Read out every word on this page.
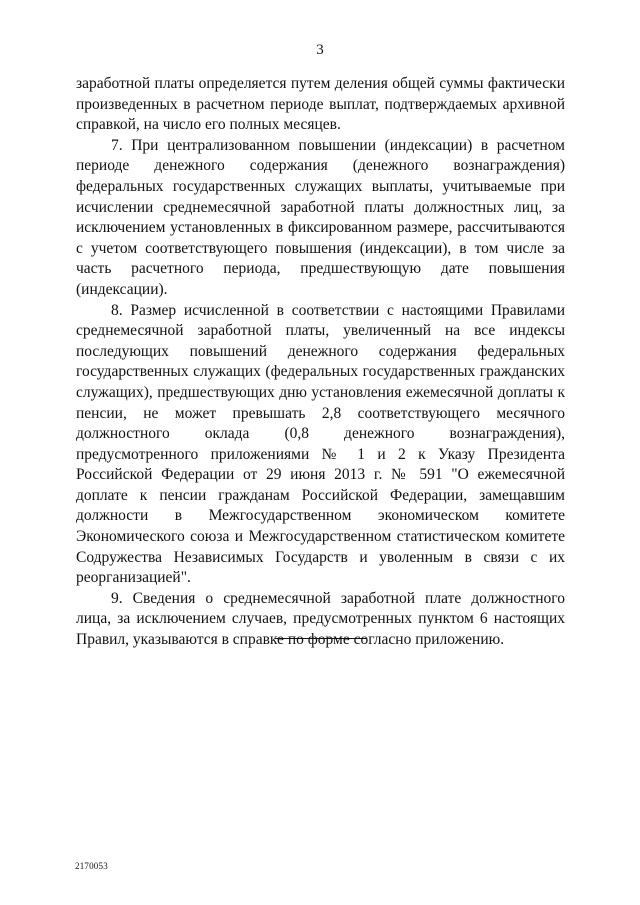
3

заработной платы определяется путем деления общей суммы фактически произведенных в расчетном периоде выплат, подтверждаемых архивной справкой, на число его полных месяцев.

7. При централизованном повышении (индексации) в расчетном периоде денежного содержания (денежного вознаграждения) федеральных государственных служащих выплаты, учитываемые при исчислении среднемесячной заработной платы должностных лиц, за исключением установленных в фиксированном размере, рассчитываются с учетом соответствующего повышения (индексации), в том числе за часть расчетного периода, предшествующую дате повышения (индексации).

8. Размер исчисленной в соответствии с настоящими Правилами среднемесячной заработной платы, увеличенный на все индексы последующих повышений денежного содержания федеральных государственных служащих (федеральных государственных гражданских служащих), предшествующих дню установления ежемесячной доплаты к пенсии, не может превышать 2,8 соответствующего месячного должностного оклада (0,8 денежного вознаграждения), предусмотренного приложениями № 1 и 2 к Указу Президента Российской Федерации от 29 июня 2013 г. № 591 "О ежемесячной доплате к пенсии гражданам Российской Федерации, замещавшим должности в Межгосударственном экономическом комитете Экономического союза и Межгосударственном статистическом комитете Содружества Независимых Государств и уволенным в связи с их реорганизацией".

9. Сведения о среднемесячной заработной плате должностного лица, за исключением случаев, предусмотренных пунктом 6 настоящих Правил, указываются в справке по форме согласно приложению.

2170053
